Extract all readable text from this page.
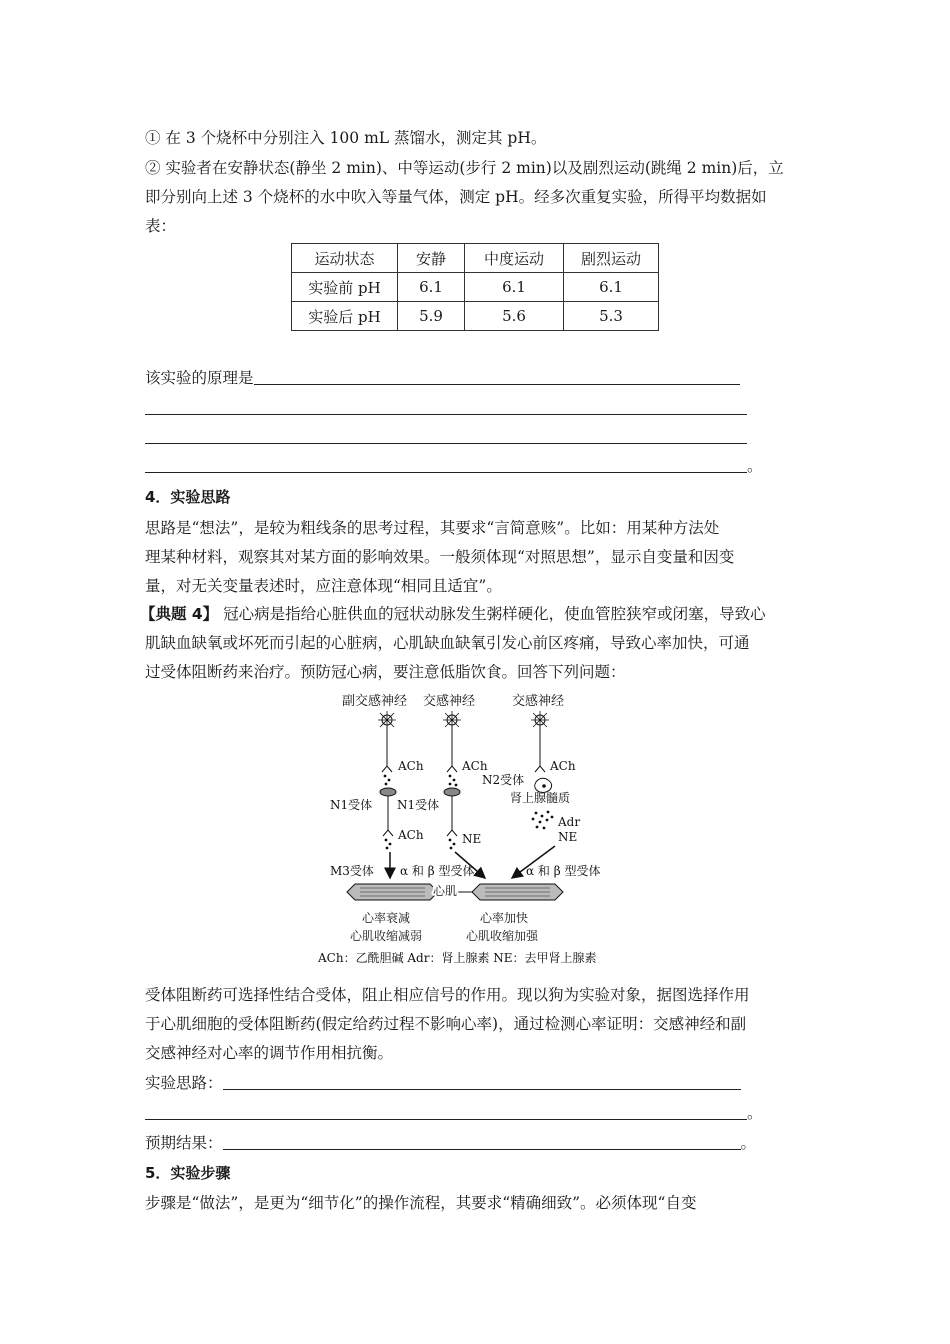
① 在 3 个烧杯中分别注入 100 mL 蒸馏水，测定其 pH。
② 实验者在安静状态(静坐 2 min)、中等运动(步行 2 min)以及剧烈运动(跳绳 2 min)后，立
即分别向上述 3 个烧杯的水中吹入等量气体，测定 pH。经多次重复实验，所得平均数据如
表：
运动状态	安静	中度运动	剧烈运动
实验前 pH	6.1	6.1	6.1
实验后 pH	5.9	5.6	5.3
该实验的原理是
。
4．实验思路
思路是“想法”，是较为粗线条的思考过程，其要求“言简意赅”。比如：用某种方法处
理某种材料，观察其对某方面的影响效果。一般须体现“对照思想”，显示自变量和因变
量，对无关变量表述时，应注意体现“相同且适宜”。
【典题 4】 冠心病是指给心脏供血的冠状动脉发生粥样硬化，使血管腔狭窄或闭塞，导致心
肌缺血缺氧或坏死而引起的心脏病，心肌缺血缺氧引发心前区疼痛，导致心率加快，可通
过受体阻断药来治疗。预防冠心病，要注意低脂饮食。回答下列问题：
副交感神经 交感神经	交感神经
ACh	ACh	ACh
N1受体 N1受体
N2受体
肾上腺髓质
Adr
NE
ACh	NE
M3受体 α 和 β 型受体	α 和 β 型受体
心肌
心率衰减
心肌收缩减弱
心率加快
心肌收缩加强
ACh：乙酰胆碱 Adr：肾上腺素 NE：去甲肾上腺素
受体阻断药可选择性结合受体，阻止相应信号的作用。现以狗为实验对象，据图选择作用
于心肌细胞的受体阻断药(假定给药过程不影响心率)，通过检测心率证明：交感神经和副
交感神经对心率的调节作用相抗衡。
实验思路：
。
预期结果：	。
5．实验步骤
步骤是“做法”，是更为“细节化”的操作流程，其要求“精确细致”。必须体现“自变
